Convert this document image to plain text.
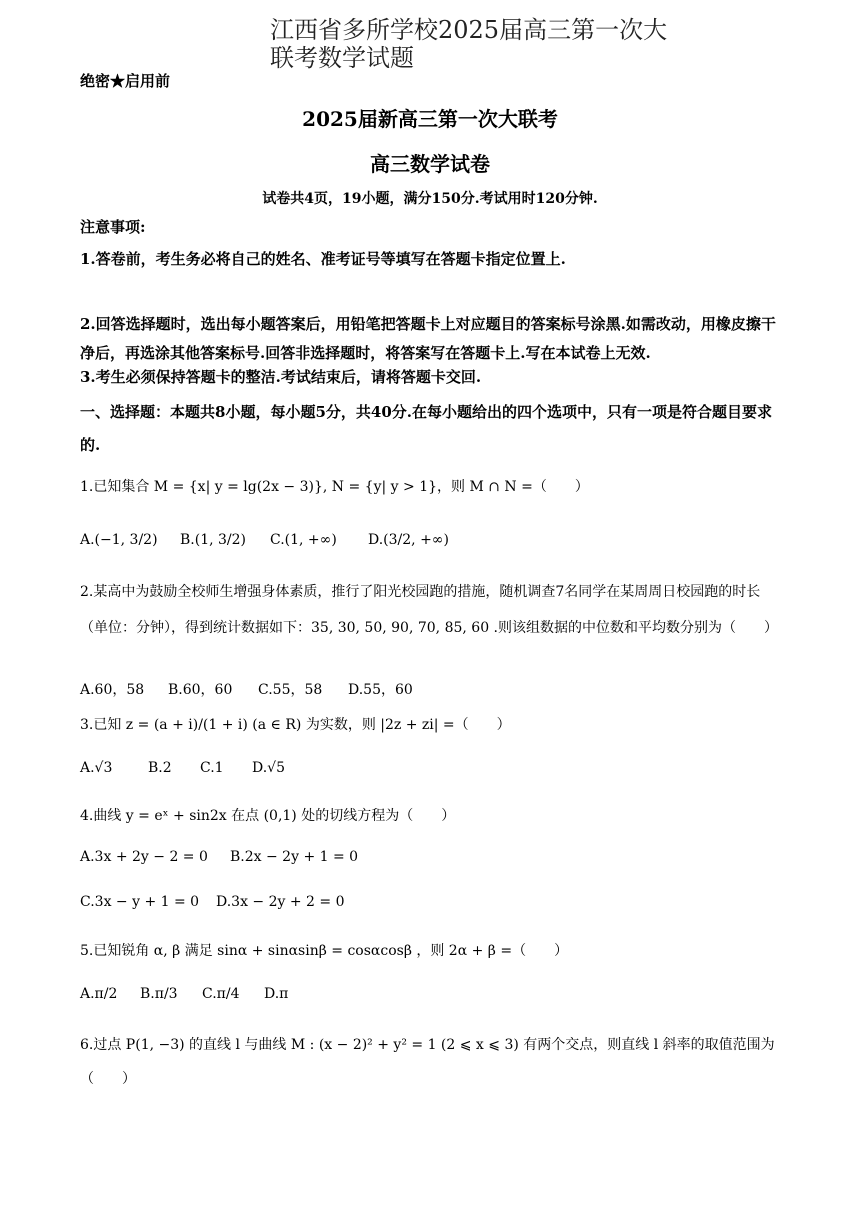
江西省多所学校2025届高三第一次大联考数学试题
绝密★启用前
2025届新高三第一次大联考
高三数学试卷
试卷共4页，19小题，满分150分.考试用时120分钟.
注意事项:
1.答卷前，考生务必将自己的姓名、准考证号等填写在答题卡指定位置上.
2.回答选择题时，选出每小题答案后，用铅笔把答题卡上对应题目的答案标号涂黑.如需改动，用橡皮擦干净后，再选涂其他答案标号.回答非选择题时，将答案写在答题卡上.写在本试卷上无效.
3.考生必须保持答题卡的整洁.考试结束后，请将答题卡交回.
一、选择题：本题共8小题，每小题5分，共40分.在每小题给出的四个选项中，只有一项是符合题目要求的.
1.已知集合 M = {x| y = lg(2x − 3)}, N = {y| y > 1}，则 M ∩ N =（　　）
A.(−1, 3/2) B.(1, 3/2) C.(1, +∞) D.(3/2, +∞)
2.某高中为鼓励全校师生增强身体素质，推行了阳光校园跑的措施，随机调查7名同学在某周周日校园跑的时长（单位：分钟），得到统计数据如下：35, 30, 50, 90, 70, 85, 60 .则该组数据的中位数和平均数分别为（　　）
A.60，58 B.60，60 C.55，58 D.55，60
3.已知 z = (a + i)/(1 + i) (a ∈ R) 为实数，则 |2z + zi| =（　　）
A.√3	B.2 C.1 D.√5
4.曲线 y = eˣ + sin2x 在点 (0,1) 处的切线方程为（　　）
A.3x + 2y − 2 = 0 B.2x − 2y + 1 = 0
C.3x − y + 1 = 0 D.3x − 2y + 2 = 0
5.已知锐角 α, β 满足 sinα + sinαsinβ = cosαcosβ ，则 2α + β =（　　）
A.π/2 B.π/3 C.π/4 D.π
6.过点 P(1, −3) 的直线 l 与曲线 M : (x − 2)² + y² = 1 (2 ⩽ x ⩽ 3) 有两个交点，则直线 l 斜率的取值范围为（　　）
